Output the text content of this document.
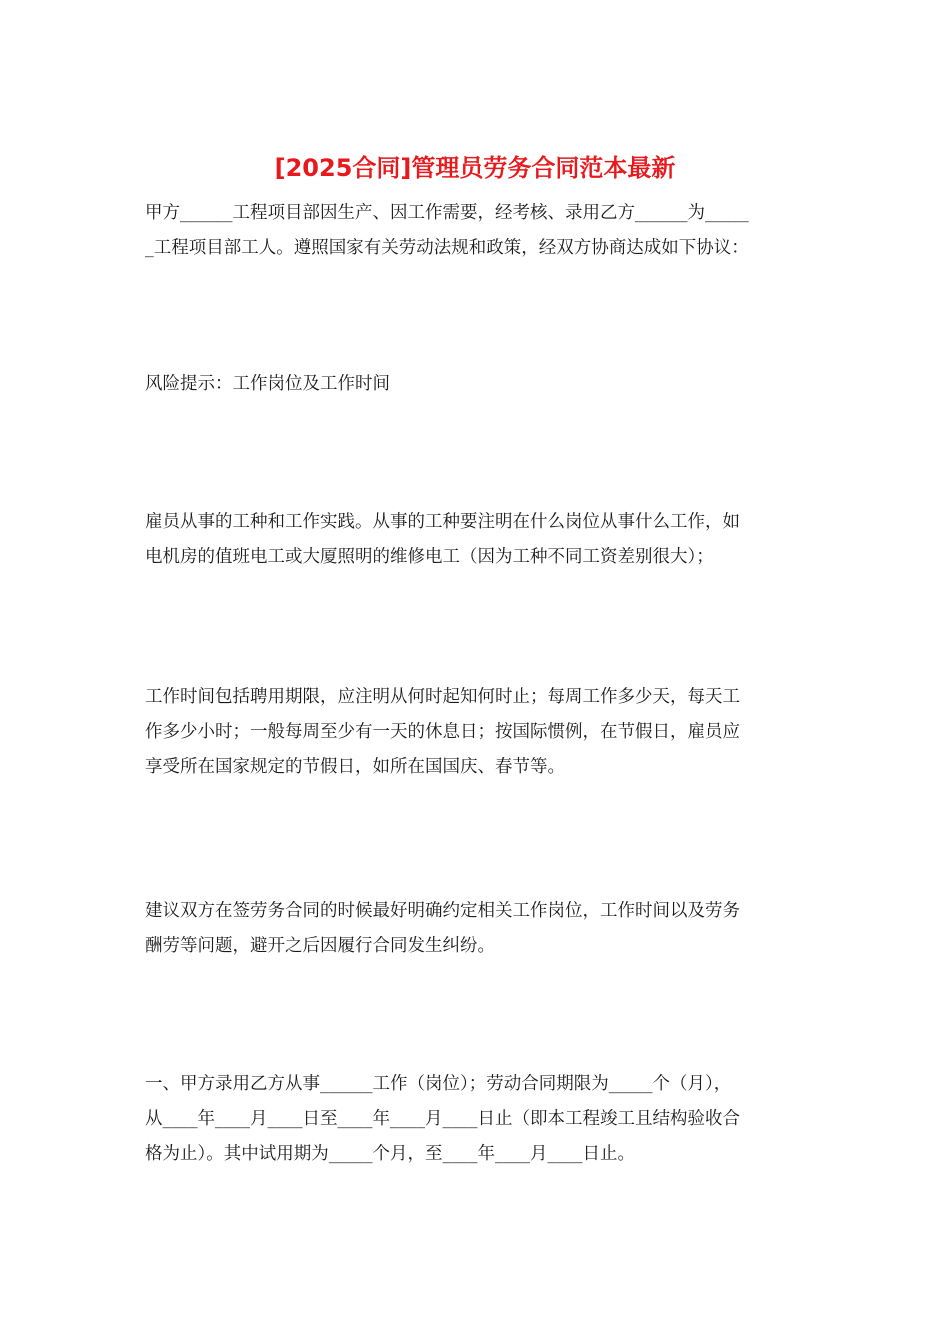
[2025合同]管理员劳务合同范本最新

甲方______工程项目部因生产、因工作需要，经考核、录用乙方______为_____
_工程项目部工人。遵照国家有关劳动法规和政策，经双方协商达成如下协议：

风险提示：工作岗位及工作时间

雇员从事的工种和工作实践。从事的工种要注明在什么岗位从事什么工作，如
电机房的值班电工或大厦照明的维修电工（因为工种不同工资差别很大）；

工作时间包括聘用期限，应注明从何时起知何时止；每周工作多少天，每天工
作多少小时；一般每周至少有一天的休息日；按国际惯例，在节假日，雇员应
享受所在国家规定的节假日，如所在国国庆、春节等。

建议双方在签劳务合同的时候最好明确约定相关工作岗位，工作时间以及劳务
酬劳等问题，避开之后因履行合同发生纠纷。

一、甲方录用乙方从事______工作（岗位）；劳动合同期限为_____个（月），
从____年____月____日至____年____月____日止（即本工程竣工且结构验收合
格为止）。其中试用期为_____个月，至____年____月____日止。
